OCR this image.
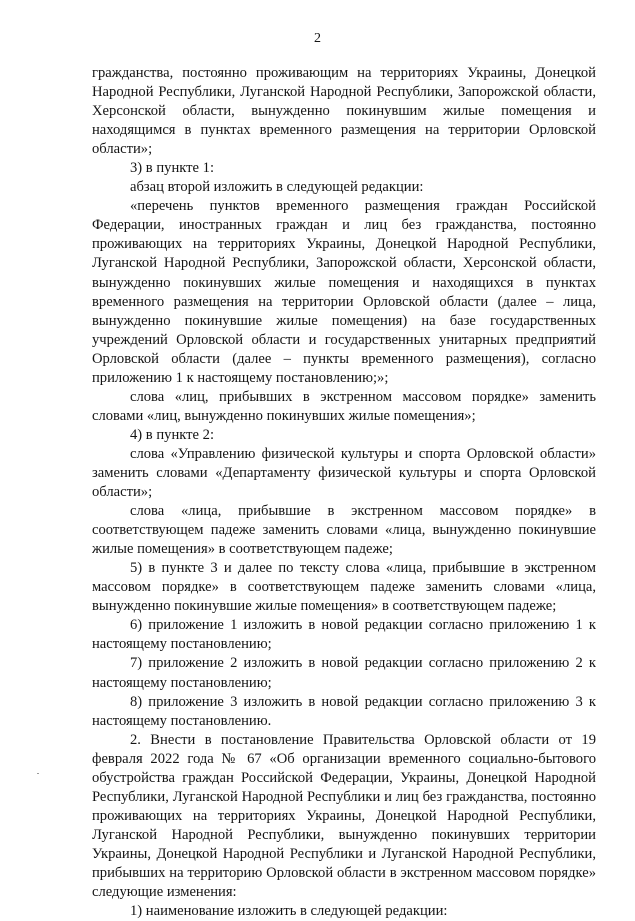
2

гражданства, постоянно проживающим на территориях Украины, Донецкой Народной Республики, Луганской Народной Республики, Запорожской области, Херсонской области, вынужденно покинувшим жилые помещения и находящимся в пунктах временного размещения на территории Орловской области»;

3) в пункте 1:

абзац второй изложить в следующей редакции:

«перечень пунктов временного размещения граждан Российской Федерации, иностранных граждан и лиц без гражданства, постоянно проживающих на территориях Украины, Донецкой Народной Республики, Луганской Народной Республики, Запорожской области, Херсонской области, вынужденно покинувших жилые помещения и находящихся в пунктах временного размещения на территории Орловской области (далее – лица, вынужденно покинувшие жилые помещения) на базе государственных учреждений Орловской области и государственных унитарных предприятий Орловской области (далее – пункты временного размещения), согласно приложению 1 к настоящему постановлению;»;

слова «лиц, прибывших в экстренном массовом порядке» заменить словами «лиц, вынужденно покинувших жилые помещения»;

4) в пункте 2:

слова «Управлению физической культуры и спорта Орловской области» заменить словами «Департаменту физической культуры и спорта Орловской области»;

слова «лица, прибывшие в экстренном массовом порядке» в соответствующем падеже заменить словами «лица, вынужденно покинувшие жилые помещения» в соответствующем падеже;

5) в пункте 3 и далее по тексту слова «лица, прибывшие в экстренном массовом порядке» в соответствующем падеже заменить словами «лица, вынужденно покинувшие жилые помещения» в соответствующем падеже;

6) приложение 1 изложить в новой редакции согласно приложению 1 к настоящему постановлению;

7) приложение 2 изложить в новой редакции согласно приложению 2 к настоящему постановлению;

8) приложение 3 изложить в новой редакции согласно приложению 3 к настоящему постановлению.

2. Внести в постановление Правительства Орловской области от 19 февраля 2022 года № 67 «Об организации временного социально-бытового обустройства граждан Российской Федерации, Украины, Донецкой Народной Республики, Луганской Народной Республики и лиц без гражданства, постоянно проживающих на территориях Украины, Донецкой Народной Республики, Луганской Народной Республики, вынужденно покинувших территории Украины, Донецкой Народной Республики и Луганской Народной Республики, прибывших на территорию Орловской области в экстренном массовом порядке» следующие изменения:

1) наименование изложить в следующей редакции:
